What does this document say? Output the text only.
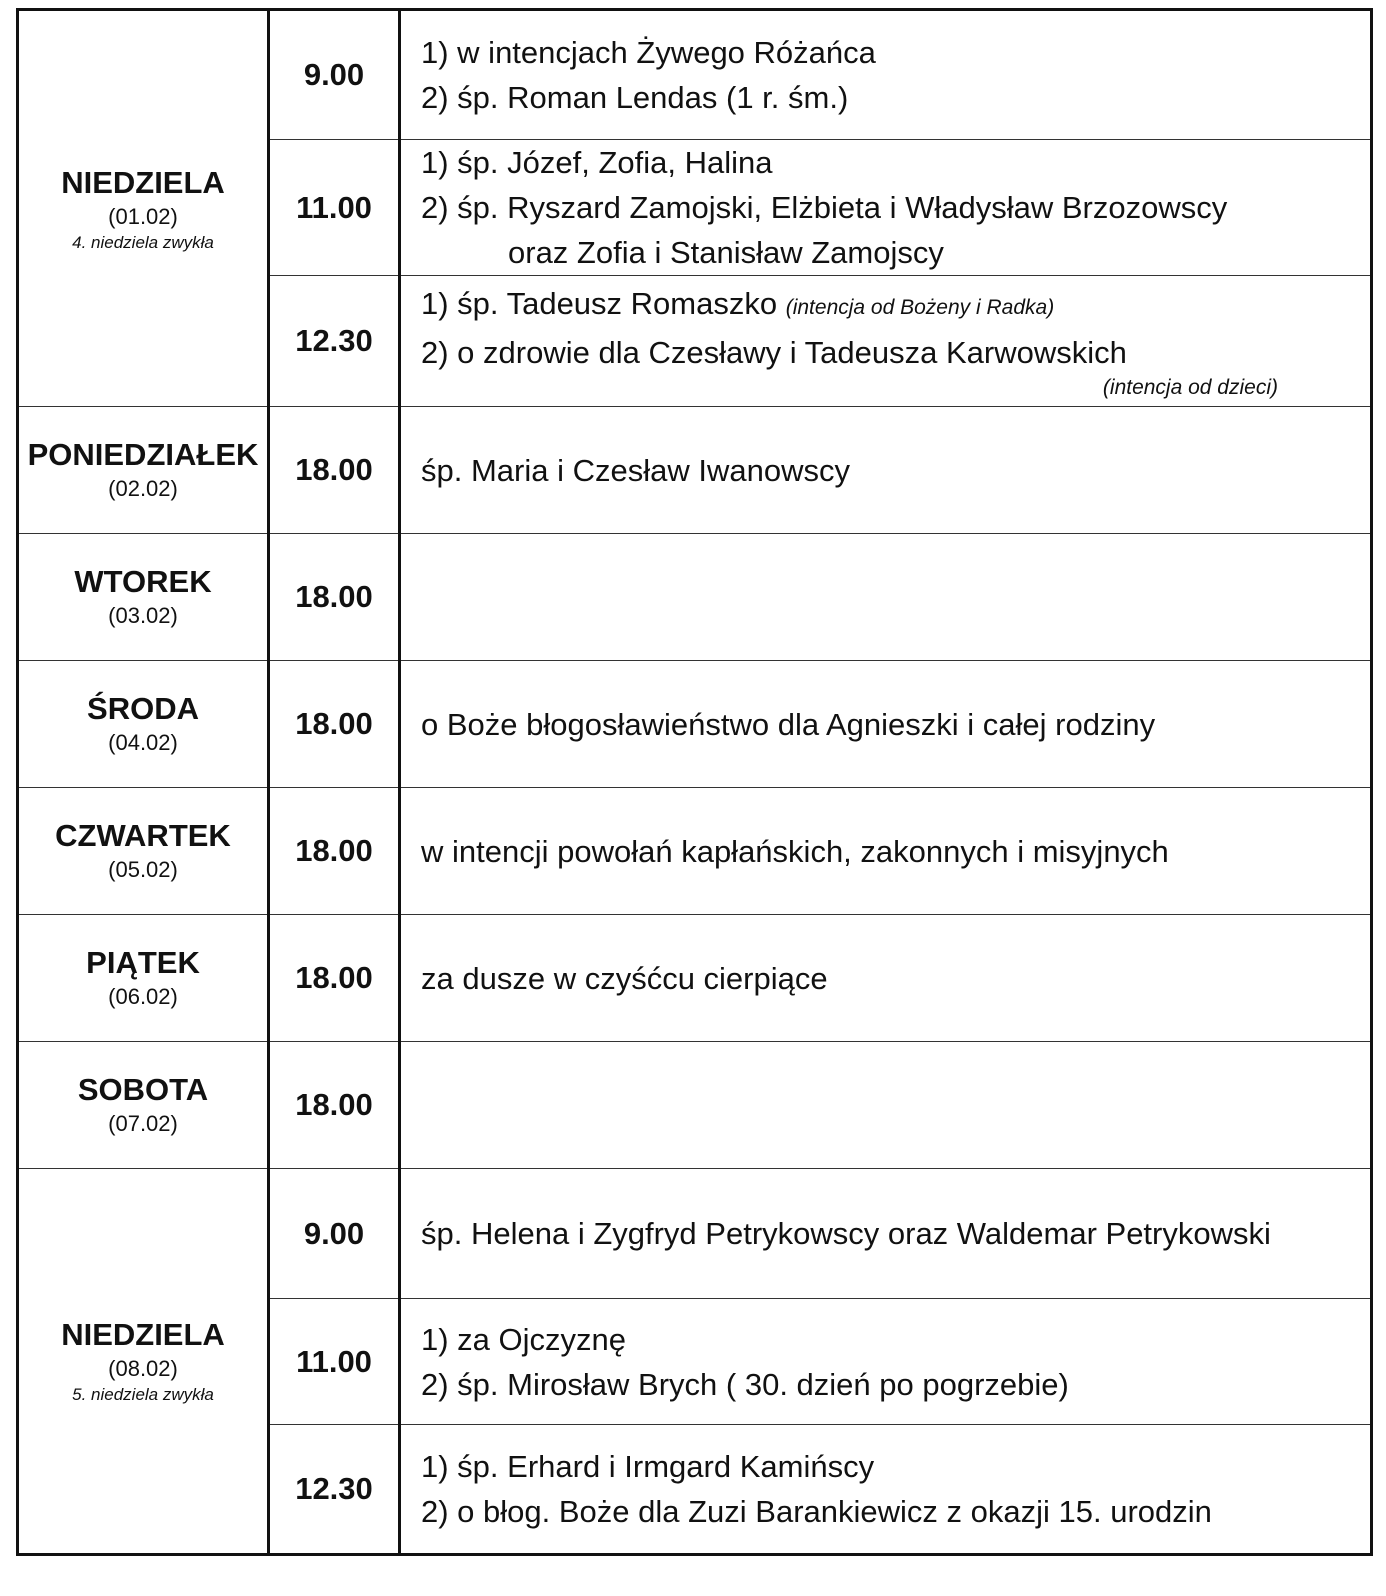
NIEDZIELA
(01.02)
4. niedziela zwykła	9.00	1) w intencjach Żywego Różańca
2) śp. Roman Lendas (1 r. śm.)

	11.00	1) śp. Józef, Zofia, Halina
2) śp. Ryszard Zamojski, Elżbieta i Władysław Brzozowscy
oraz Zofia i Stanisław Zamojscy

	12.30	1) śp. Tadeusz Romaszko (intencja od Bożeny i Radka)
2) o zdrowie dla Czesławy i Tadeusza Karwowskich
(intencja od dzieci)

PONIEDZIAŁEK
(02.02)	18.00	śp. Maria i Czesław Iwanowscy

WTOREK
(03.02)	18.00	

ŚRODA
(04.02)	18.00	o Boże błogosławieństwo dla Agnieszki i całej rodziny

CZWARTEK
(05.02)	18.00	w intencji powołań kapłańskich, zakonnych i misyjnych

PIĄTEK
(06.02)	18.00	za dusze w czyśćcu cierpiące

SOBOTA
(07.02)	18.00	

NIEDZIELA
(08.02)
5. niedziela zwykła	9.00	śp. Helena i Zygfryd Petrykowscy oraz Waldemar Petrykowski

	11.00	1) za Ojczyznę
2) śp. Mirosław Brych ( 30. dzień po pogrzebie)

	12.30	1) śp. Erhard i Irmgard Kamińscy
2) o błog. Boże dla Zuzi Barankiewicz z okazji 15. urodzin
